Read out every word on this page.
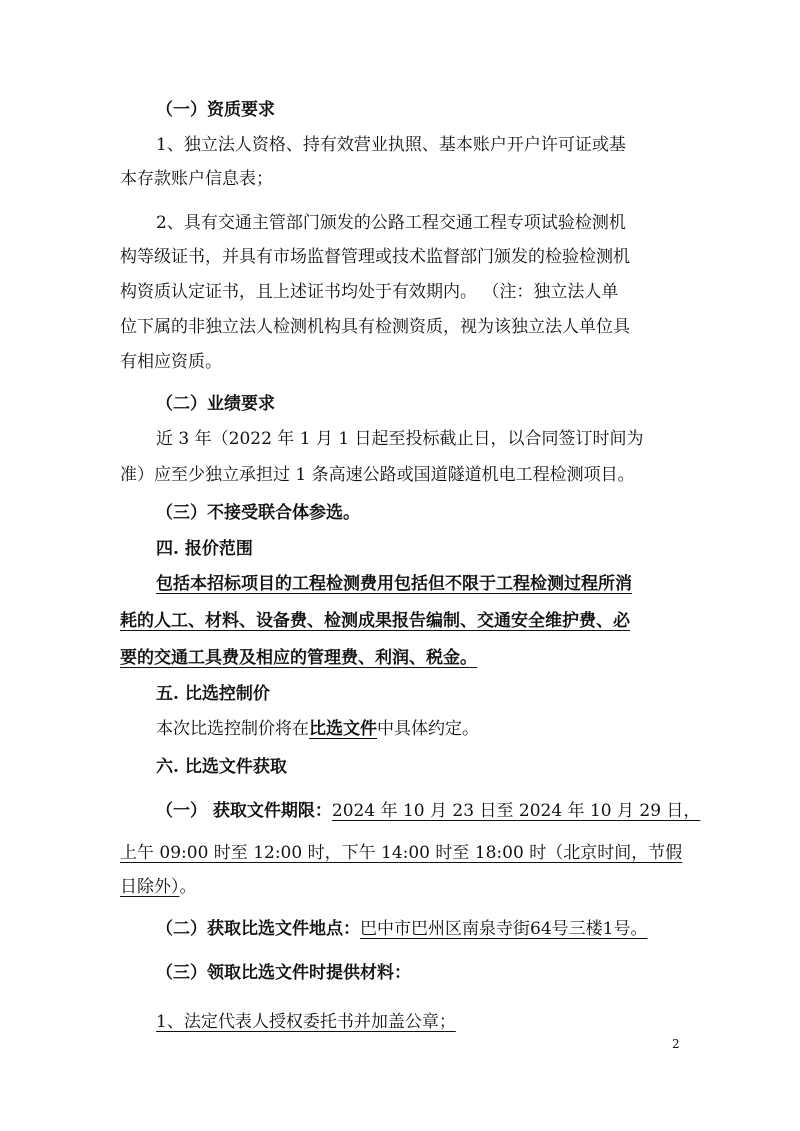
（一）资质要求
1、独立法人资格、持有效营业执照、基本账户开户许可证或基
本存款账户信息表；
2、具有交通主管部门颁发的公路工程交通工程专项试验检测机
构等级证书，并具有市场监督管理或技术监督部门颁发的检验检测机
构资质认定证书，且上述证书均处于有效期内。 （注：独立法人单
位下属的非独立法人检测机构具有检测资质，视为该独立法人单位具
有相应资质。
（二）业绩要求
近 3 年（2022 年 1 月 1 日起至投标截止日，以合同签订时间为
准）应至少独立承担过 1 条高速公路或国道隧道机电工程检测项目。
（三）不接受联合体参选。
四. 报价范围
包括本招标项目的工程检测费用包括但不限于工程检测过程所消
耗的人工、材料、设备费、检测成果报告编制、交通安全维护费、必
要的交通工具费及相应的管理费、利润、税金。
五. 比选控制价
本次比选控制价将在比选文件中具体约定。
六. 比选文件获取
（一） 获取文件期限：2024 年 10 月 23 日至 2024 年 10 月 29 日，
上午 09:00 时至 12:00 时，下午 14:00 时至 18:00 时（北京时间，节假
日除外）。
（二）获取比选文件地点：巴中市巴州区南泉寺街64号三楼1号。
（三）领取比选文件时提供材料：
1、法定代表人授权委托书并加盖公章；
2
